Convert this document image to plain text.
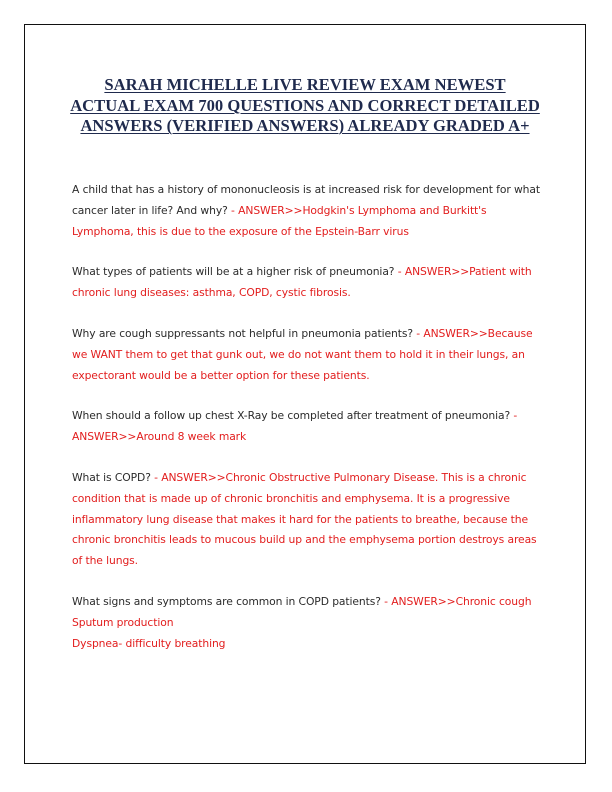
SARAH MICHELLE LIVE REVIEW EXAM NEWEST ACTUAL EXAM 700 QUESTIONS AND CORRECT DETAILED ANSWERS (VERIFIED ANSWERS) ALREADY GRADED A+

A child that has a history of mononucleosis is at increased risk for development for what cancer later in life? And why? - ANSWER>>Hodgkin's Lymphoma and Burkitt's Lymphoma, this is due to the exposure of the Epstein-Barr virus

What types of patients will be at a higher risk of pneumonia? - ANSWER>>Patient with chronic lung diseases: asthma, COPD, cystic fibrosis.

Why are cough suppressants not helpful in pneumonia patients? - ANSWER>>Because we WANT them to get that gunk out, we do not want them to hold it in their lungs, an expectorant would be a better option for these patients.

When should a follow up chest X-Ray be completed after treatment of pneumonia? - ANSWER>>Around 8 week mark

What is COPD? - ANSWER>>Chronic Obstructive Pulmonary Disease. This is a chronic condition that is made up of chronic bronchitis and emphysema. It is a progressive inflammatory lung disease that makes it hard for the patients to breathe, because the chronic bronchitis leads to mucous build up and the emphysema portion destroys areas of the lungs.

What signs and symptoms are common in COPD patients? - ANSWER>>Chronic cough
Sputum production
Dyspnea- difficulty breathing
